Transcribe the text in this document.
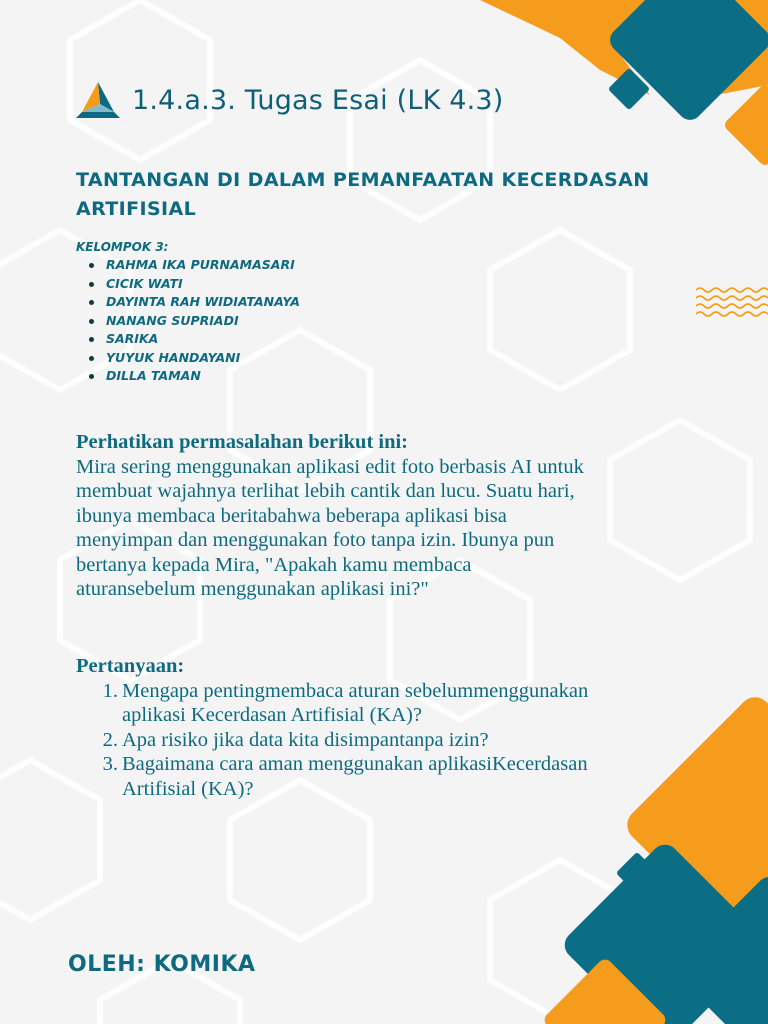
1.4.a.3. Tugas Esai (LK 4.3)
TANTANGAN DI DALAM PEMANFAATAN KECERDASAN ARTIFISIAL
KELOMPOK 3:
RAHMA IKA PURNAMASARI
CICIK WATI
DAYINTA RAH WIDIATANAYA
NANANG SUPRIADI
SARIKA
YUYUK HANDAYANI
DILLA TAMAN
Perhatikan permasalahan berikut ini:
Mira sering menggunakan aplikasi edit foto berbasis AI untuk
membuat wajahnya terlihat lebih cantik dan lucu. Suatu hari,
ibunya membaca beritabahwa beberapa aplikasi bisa
menyimpan dan menggunakan foto tanpa izin. Ibunya pun
bertanya kepada Mira, "Apakah kamu membaca
aturansebelum menggunakan aplikasi ini?"
Pertanyaan:
1. Mengapa pentingmembaca aturan sebelummenggunakan
aplikasi Kecerdasan Artifisial (KA)?
2. Apa risiko jika data kita disimpantanpa izin?
3. Bagaimana cara aman menggunakan aplikasiKecerdasan
Artifisial (KA)?
OLEH: KOMIKA
